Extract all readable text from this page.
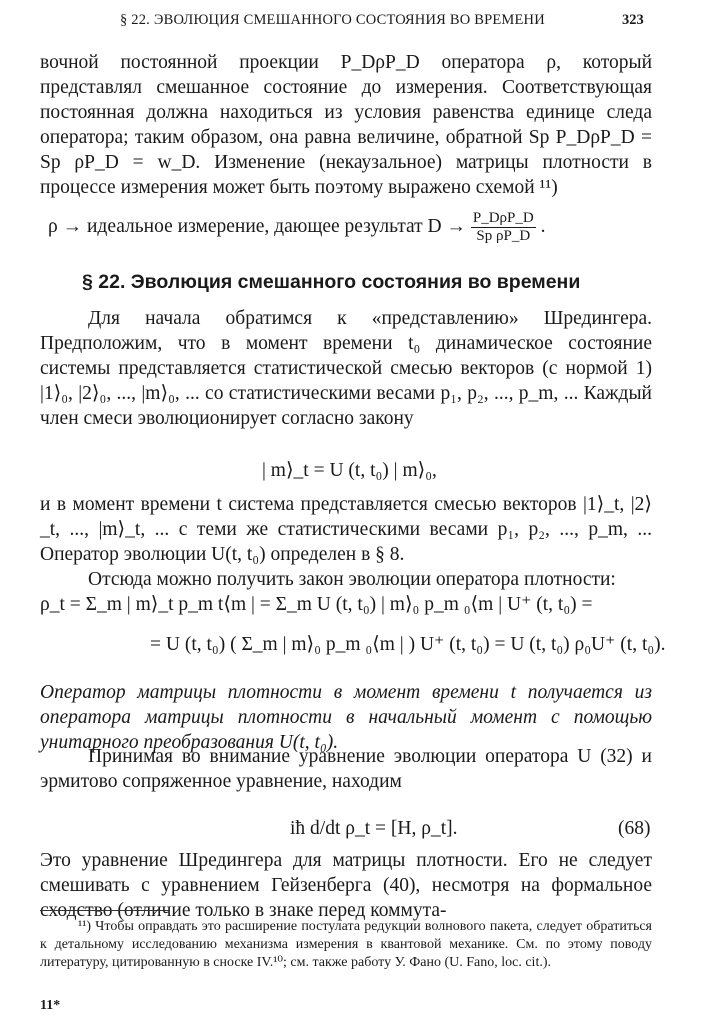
§ 22. ЭВОЛЮЦИЯ СМЕШАННОГО СОСТОЯНИЯ ВО ВРЕМЕНИ	323

вочной постоянной проекции P_DρP_D оператора ρ, который представлял смешанное состояние до измерения. Соответствующая постоянная должна находиться из условия равенства единице следа оператора; таким образом, она равна величине, обратной Sp P_DρP_D = Sp ρP_D = w_D. Изменение (некаузальное) матрицы плотности в процессе измерения может быть поэтому выражено схемой ¹¹)

ρ → идеальное измерение, дающее результат $D \to \frac{\text{P\_DρP\_D}}{\text{Sp ρP\_D}}$ .
§ 22. Эволюция смешанного состояния во времени

Для начала обратимся к «представлению» Шредингера. Предположим, что в момент времени t₀ динамическое состояние системы представляется статистической смесью векторов (с нормой 1) |1⟩₀, |2⟩₀, ..., |m⟩₀, ... со статистическими весами p₁, p₂, ..., p_m, ... Каждый член смеси эволюционирует согласно закону

| m⟩_t = U (t, t₀) | m⟩₀,

и в момент времени t система представляется смесью векторов |1⟩_t, |2⟩_t, ..., |m⟩_t, ... с теми же статистическими весами p₁, p₂, ..., p_m, ... Оператор эволюции U(t, t₀) определен в § 8.

Отсюда можно получить закон эволюции оператора плотности:

ρ_t = Σ_m | m⟩_t p_m t⟨m | = Σ_m U (t, t₀) | m⟩₀ p_m ₀⟨m | U⁺ (t, t₀) =
= U (t, t₀) ( Σ_m | m⟩₀ p_m ₀⟨m | ) U⁺ (t, t₀) = U (t, t₀) ρ₀U⁺ (t, t₀).

Оператор матрицы плотности в момент времени t получается из оператора матрицы плотности в начальный момент с помощью унитарного преобразования U(t, t₀).

Принимая во внимание уравнение эволюции оператора U (32) и эрмитово сопряженное уравнение, находим

iħ d/dt ρ_t = [H, ρ_t].	(68)

Это уравнение Шредингера для матрицы плотности. Его не следует смешивать с уравнением Гейзенберга (40), несмотря на формальное сходство (отличие только в знаке перед коммута-

¹¹) Чтобы оправдать это расширение постулата редукции волнового пакета, следует обратиться к детальному исследованию механизма измерения в квантовой механике. См. по этому поводу литературу, цитированную в сноске IV.¹⁰; см. также работу У. Фано (U. Fano, loc. cit.).

11*
